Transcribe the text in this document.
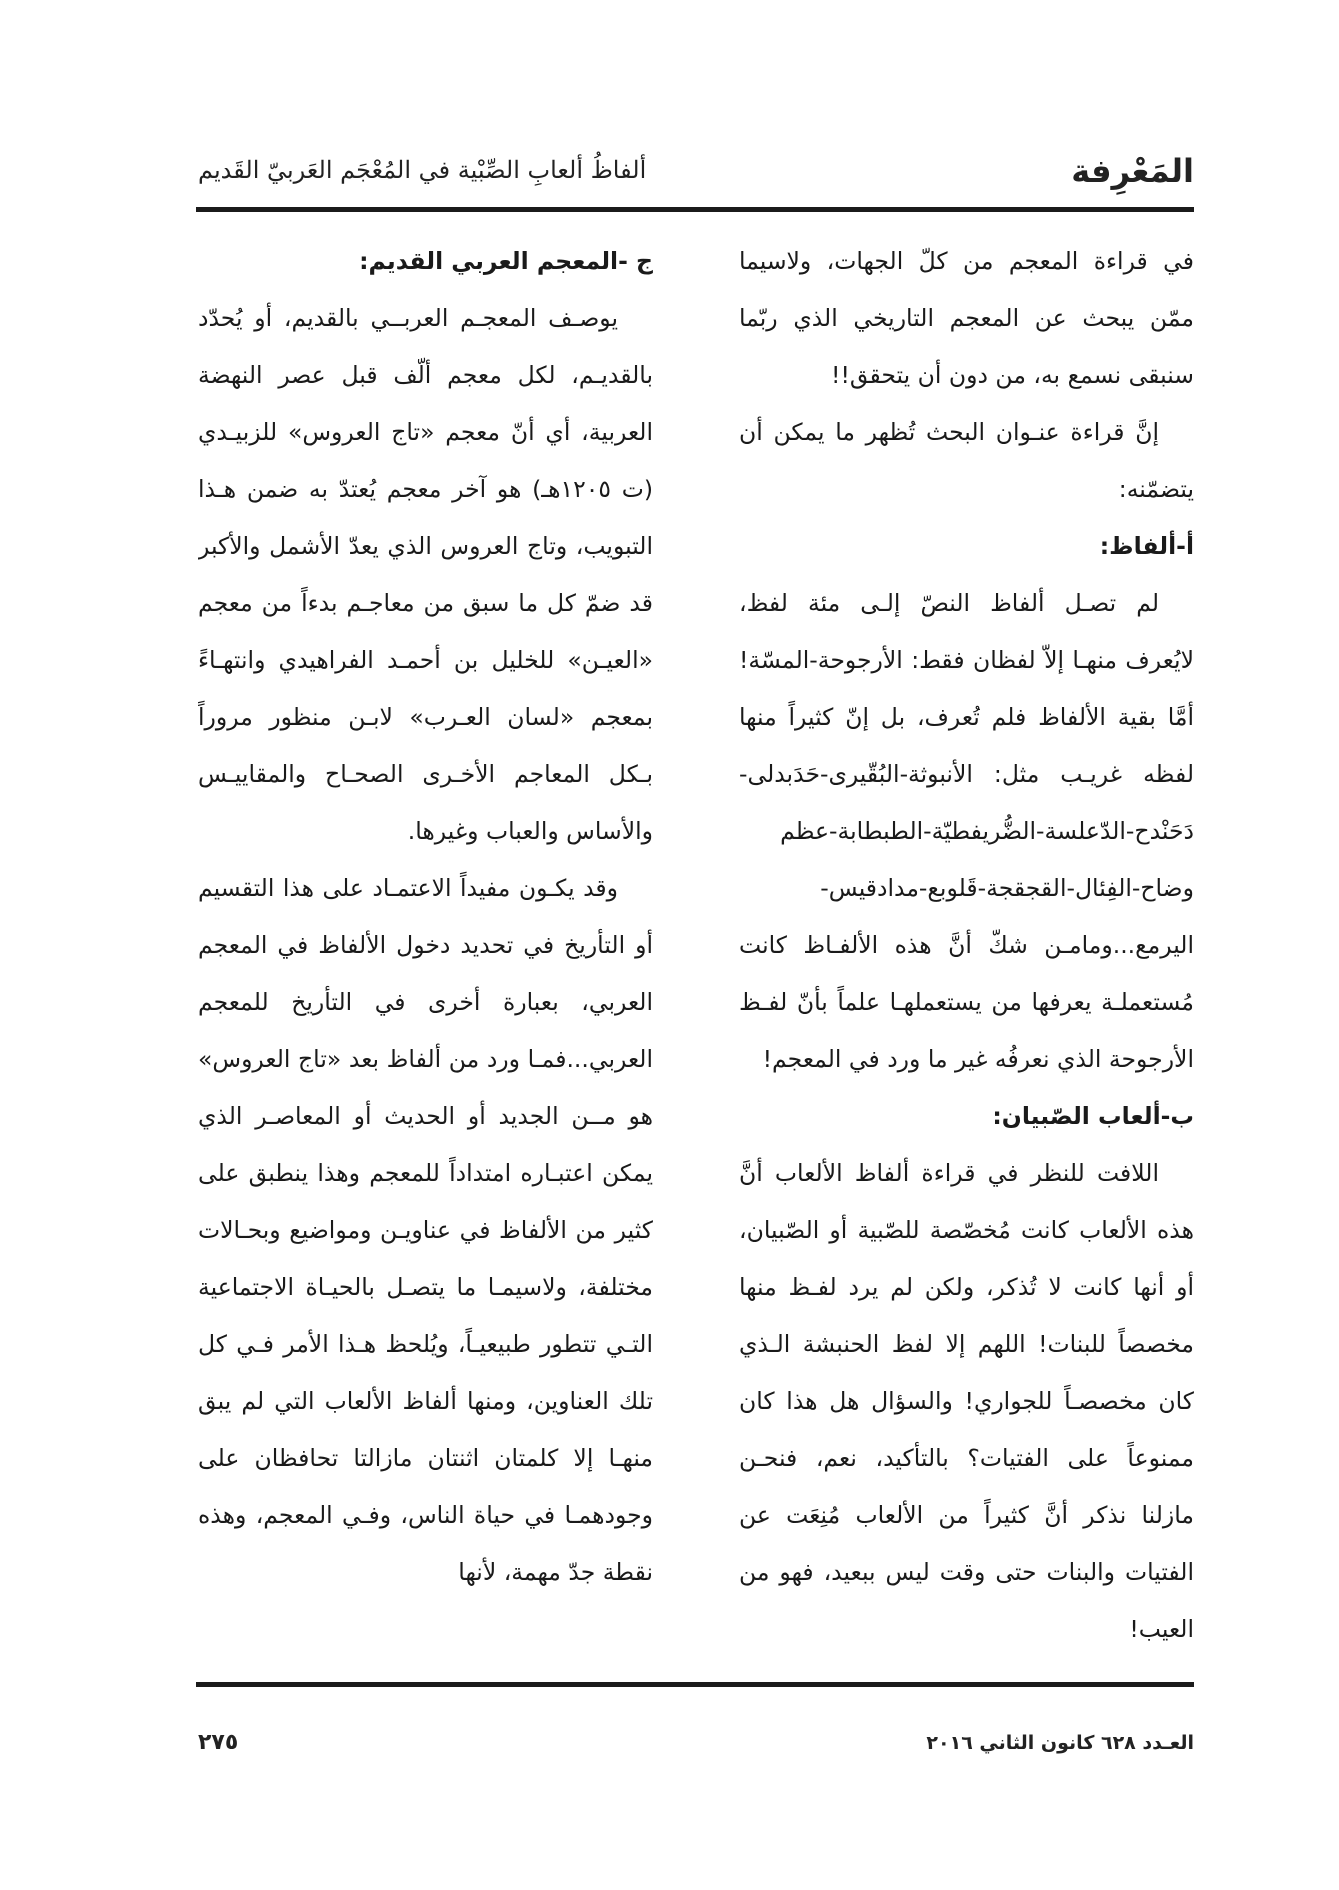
المَعْرِفة
ألفاظُ ألعابِ الصِّبْية في المُعْجَم العَربيّ القَديم

في قراءة المعجم من كلّ الجهات، ولاسيما ممّن يبحث عن المعجم التاريخي الذي ربّما سنبقى نسمع به، من دون أن يتحقق!!

إنَّ قراءة عنـوان البحث تُظهر ما يمكن أن يتضمّنه:

أ-ألفاظ:

لم تصـل ألفاظ النصّ إلـى مئة لفظ، لايُعرف منهـا إلاّ لفظان فقط: الأرجوحة-المسّة! أمَّا بقية الألفاظ فلم تُعرف، بل إنّ كثيراً منها لفظه غريـب مثل: الأنبوثة-البُقّيرى-حَدَبدلى-دَحَنْدح-الدّعلسة-الضُّريفطيّة-الطبطابة-عظم وضاح-الفِئال-القجقجة-قَلوبع-مدادقيس-اليرمع...ومامـن شكّ أنَّ هذه الألفـاظ كانت مُستعملـة يعرفها من يستعملهـا علماً بأنّ لفـظ الأرجوحة الذي نعرفُه غير ما ورد في المعجم!

ب-ألعاب الصّبيان:

اللافت للنظر في قراءة ألفاظ الألعاب أنَّ هذه الألعاب كانت مُخصّصة للصّبية أو الصّبيان، أو أنها كانت لا تُذكر، ولكن لم يرد لفـظ منها مخصصاً للبنات! اللهم إلا لفظ الحنبشة الـذي كان مخصصـاً للجواري! والسؤال هل هذا كان ممنوعاً على الفتيات؟ بالتأكيد، نعم، فنحـن مازلنا نذكر أنَّ كثيراً من الألعاب مُنِعَت عن الفتيات والبنات حتى وقت ليس ببعيد، فهو من العيب!

ج -المعجم العربي القديم:

يوصـف المعجـم العربــي بالقديم، أو يُحدّد بالقديـم، لكل معجم ألّف قبل عصر النهضة العربية، أي أنّ معجم «تاج العروس» للزبيـدي (ت ١٢٠٥هـ) هو آخر معجم يُعتدّ به ضمن هـذا التبويب، وتاج العروس الذي يعدّ الأشمل والأكبر قد ضمّ كل ما سبق من معاجـم بدءاً من معجم «العيـن» للخليل بن أحمـد الفراهيدي وانتهـاءً بمعجم «لسان العـرب» لابـن منظور مروراً بـكل المعاجم الأخـرى الصحـاح والمقاييـس والأساس والعباب وغيرها.

وقد يكـون مفيداً الاعتمـاد على هذا التقسيم أو التأريخ في تحديد دخول الألفاظ في المعجم العربي، بعبارة أخرى في التأريخ للمعجم العربي...فمـا ورد من ألفاظ بعد «تاج العروس» هو مــن الجديد أو الحديث أو المعاصـر الذي يمكن اعتبـاره امتداداً للمعجم وهذا ينطبق على كثير من الألفاظ في عناويـن ومواضيع وبحـالات مختلفة، ولاسيمـا ما يتصـل بالحيـاة الاجتماعية التـي تتطور طبيعيـاً، ويُلحظ هـذا الأمر فـي كل تلك العناوين، ومنها ألفاظ الألعاب التي لم يبق منهـا إلا كلمتان اثنتان مازالتا تحافظان على وجودهمـا في حياة الناس، وفـي المعجم، وهذه نقطة جدّ مهمة، لأنها

العـدد ٦٢٨ كانون الثاني ٢٠١٦
٢٧٥
